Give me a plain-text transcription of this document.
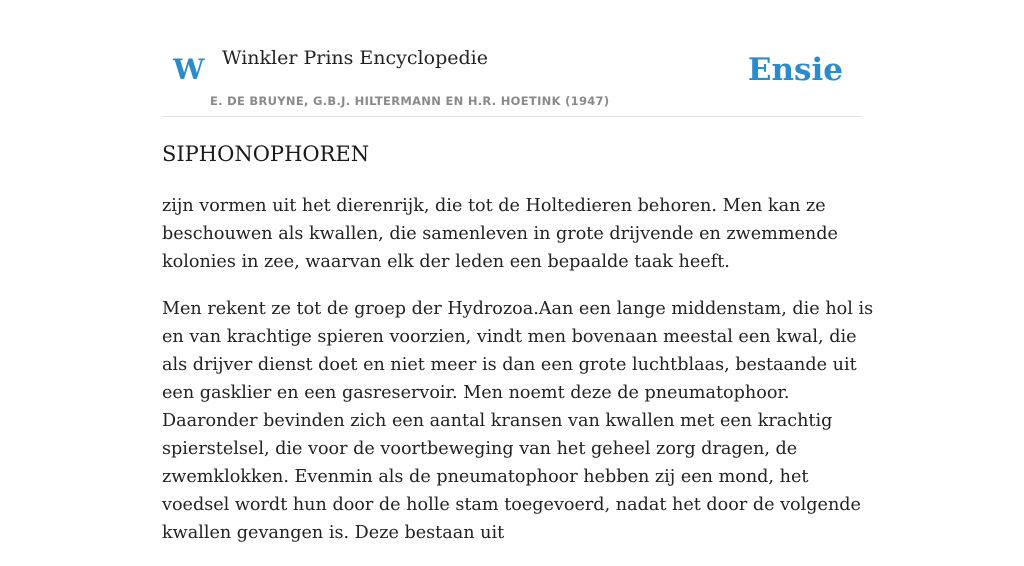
W Winkler Prins Encyclopedie
E. DE BRUYNE, G.B.J. HILTERMANN EN H.R. HOETINK (1947)
Ensie
SIPHONOPHOREN

zijn vormen uit het dierenrijk, die tot de Holtedieren behoren. Men kan ze beschouwen als kwallen, die samenleven in grote drijvende en zwemmende kolonies in zee, waarvan elk der leden een bepaalde taak heeft.

Men rekent ze tot de groep der Hydrozoa.Aan een lange middenstam, die hol is en van krachtige spieren voorzien, vindt men bovenaan meestal een kwal, die als drijver dienst doet en niet meer is dan een grote luchtblaas, bestaande uit een gasklier en een gasreservoir. Men noemt deze de pneumatophoor. Daaronder bevinden zich een aantal kransen van kwallen met een krachtig spierstelsel, die voor de voortbeweging van het geheel zorg dragen, de zwemklokken. Evenmin als de pneumatophoor hebben zij een mond, het voedsel wordt hun door de holle stam toegevoerd, nadat het door de volgende kwallen gevangen is. Deze bestaan uit
